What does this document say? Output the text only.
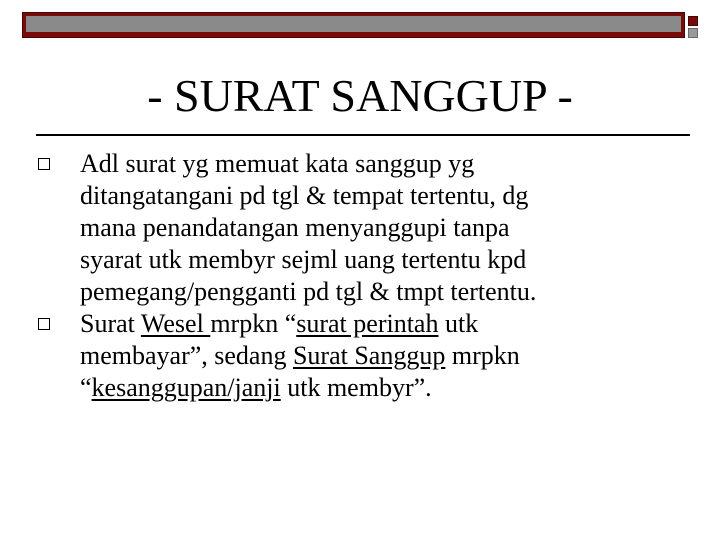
- SURAT SANGGUP -
Adl surat yg memuat kata sanggup yg
ditangatangani pd tgl & tempat tertentu, dg
mana penandatangan menyanggupi tanpa
syarat utk membyr sejml uang tertentu kpd
pemegang/pengganti pd tgl & tmpt tertentu.
Surat Wesel mrpkn “surat perintah utk
membayar”, sedang Surat Sanggup mrpkn
“kesanggupan/janji utk membyr”.
